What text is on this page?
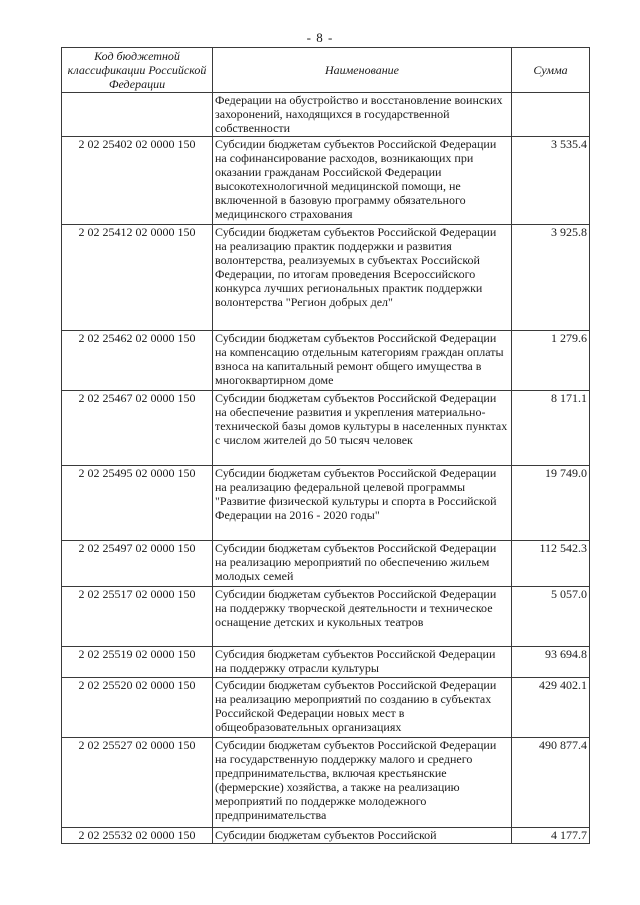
- 8 -
Код бюджетной классификации Российской Федерации	Наименование	Сумма
	Федерации на обустройство и восстановление воинских захоронений, находящихся в государственной собственности	
2 02 25402 02 0000 150	Субсидии бюджетам субъектов Российской Федерации на софинансирование расходов, возникающих при оказании гражданам Российской Федерации высокотехнологичной медицинской помощи, не включенной в базовую программу обязательного медицинского страхования	3 535.4
2 02 25412 02 0000 150	Субсидии бюджетам субъектов Российской Федерации на реализацию практик поддержки и развития волонтерства, реализуемых в субъектах Российской Федерации, по итогам проведения Всероссийского конкурса лучших региональных практик поддержки волонтерства "Регион добрых дел"	3 925.8
2 02 25462 02 0000 150	Субсидии бюджетам субъектов Российской Федерации на компенсацию отдельным категориям граждан оплаты взноса на капитальный ремонт общего имущества в многоквартирном доме	1 279.6
2 02 25467 02 0000 150	Субсидии бюджетам субъектов Российской Федерации на обеспечение развития и укрепления материально-технической базы домов культуры в населенных пунктах с числом жителей до 50 тысяч человек	8 171.1
2 02 25495 02 0000 150	Субсидии бюджетам субъектов Российской Федерации на реализацию федеральной целевой программы "Развитие физической культуры и спорта в Российской Федерации на 2016 - 2020 годы"	19 749.0
2 02 25497 02 0000 150	Субсидии бюджетам субъектов Российской Федерации на реализацию мероприятий по обеспечению жильем молодых семей	112 542.3
2 02 25517 02 0000 150	Субсидии бюджетам субъектов Российской Федерации на поддержку творческой деятельности и техническое оснащение детских и кукольных театров	5 057.0
2 02 25519 02 0000 150	Субсидия бюджетам субъектов Российской Федерации на поддержку отрасли культуры	93 694.8
2 02 25520 02 0000 150	Субсидии бюджетам субъектов Российской Федерации на реализацию мероприятий по созданию в субъектах Российской Федерации новых мест в общеобразовательных организациях	429 402.1
2 02 25527 02 0000 150	Субсидии бюджетам субъектов Российской Федерации на государственную поддержку малого и среднего предпринимательства, включая крестьянские (фермерские) хозяйства, а также на реализацию мероприятий по поддержке молодежного предпринимательства	490 877.4
2 02 25532 02 0000 150	Субсидии бюджетам субъектов Российской	4 177.7
